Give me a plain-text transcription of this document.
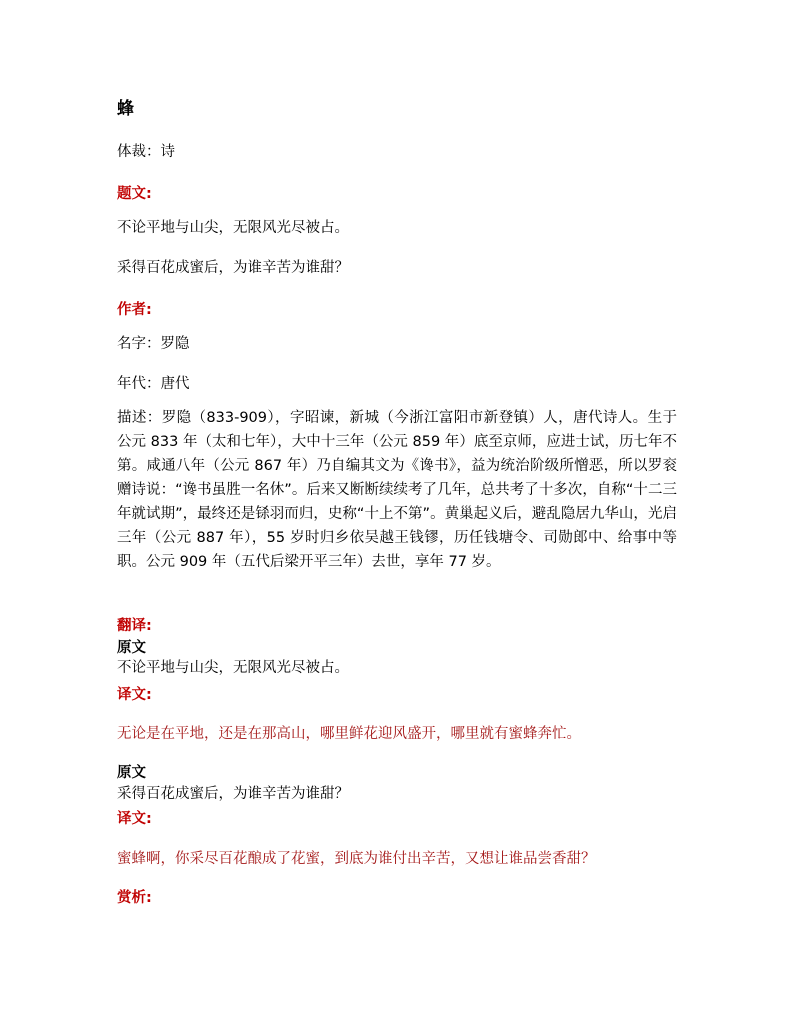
蜂

体裁：诗

题文:

不论平地与山尖，无限风光尽被占。

采得百花成蜜后，为谁辛苦为谁甜？

作者:

名字：罗隐

年代：唐代

描述：罗隐（833-909），字昭谏，新城（今浙江富阳市新登镇）人，唐代诗人。生于公元 833 年（太和七年），大中十三年（公元 859 年）底至京师，应进士试，历七年不第。咸通八年（公元 867 年）乃自编其文为《谗书》，益为统治阶级所憎恶，所以罗衮赠诗说：“谗书虽胜一名休”。后来又断断续续考了几年，总共考了十多次，自称“十二三年就试期”，最终还是铩羽而归，史称“十上不第”。黄巢起义后，避乱隐居九华山，光启三年（公元 887 年），55 岁时归乡依吴越王钱镠，历任钱塘令、司勋郎中、给事中等职。公元 909 年（五代后梁开平三年）去世，享年 77 岁。

翻译:

原文

不论平地与山尖，无限风光尽被占。

译文:

无论是在平地，还是在那高山，哪里鲜花迎风盛开，哪里就有蜜蜂奔忙。

原文

采得百花成蜜后，为谁辛苦为谁甜？

译文:

蜜蜂啊，你采尽百花酿成了花蜜，到底为谁付出辛苦，又想让谁品尝香甜？

赏析:
